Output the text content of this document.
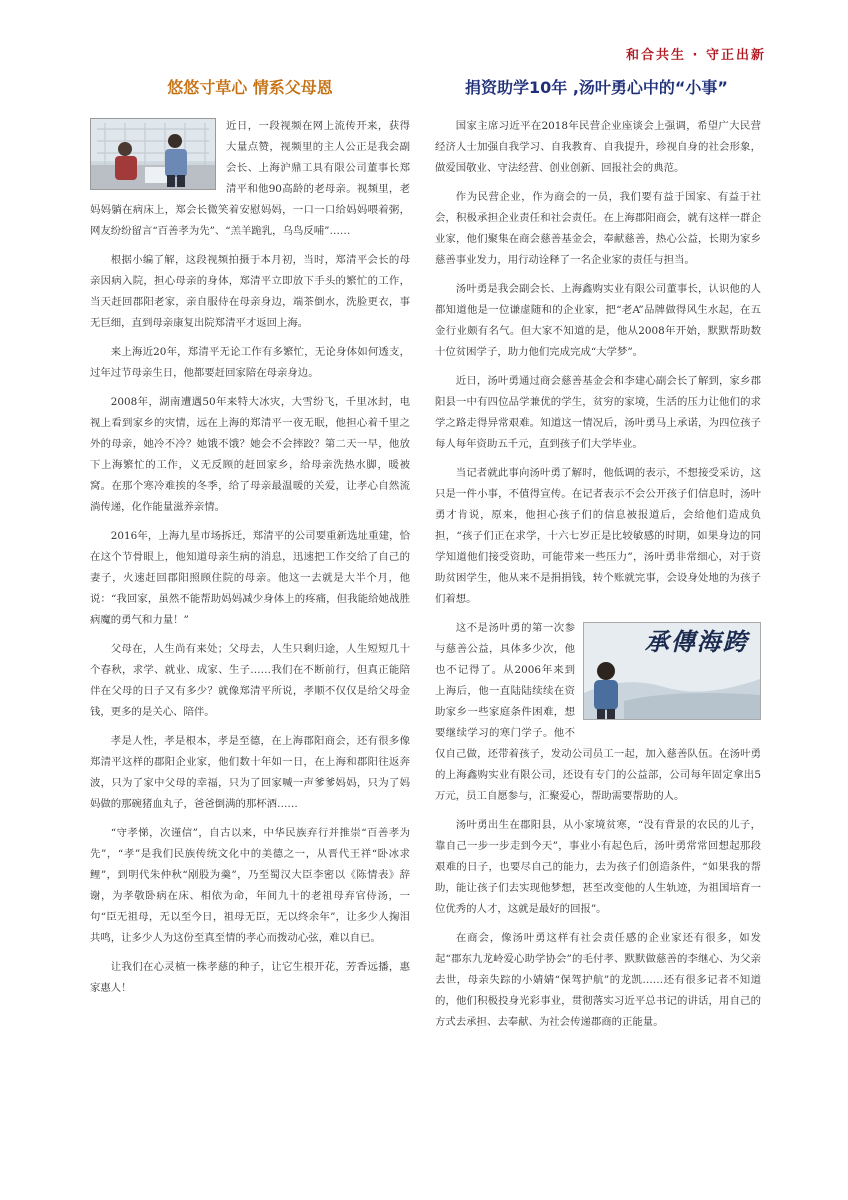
和合共生 · 守正出新
悠悠寸草心 情系父母恩

近日，一段视频在网上流传开来，获得大量点赞，视频里的主人公正是我会副会长、上海沪鼎工具有限公司董事长郑清平和他90高龄的老母亲。视频里，老妈妈躺在病床上，郑会长微笑着安慰妈妈，一口一口给妈妈喂着粥，网友纷纷留言“百善孝为先”、“羔羊跪乳，乌鸟反哺”……

根据小编了解，这段视频拍摄于本月初，当时，郑清平会长的母亲因病入院，担心母亲的身体，郑清平立即放下手头的繁忙的工作，当天赶回郡阳老家，亲自服侍在母亲身边，端茶倒水，洗脸更衣，事无巨细，直到母亲康复出院郑清平才返回上海。

来上海近20年，郑清平无论工作有多繁忙，无论身体如何透支，过年过节母亲生日，他都要赶回家陪在母亲身边。

2008年，湖南遭遇50年来特大冰灾，大雪纷飞，千里冰封，电视上看到家乡的灾情，远在上海的郑清平一夜无眠，他担心着千里之外的母亲，她冷不冷？她饿不饿？她会不会摔跤？第二天一早，他放下上海繁忙的工作，义无反顾的赶回家乡，给母亲洗热水脚，暖被窝。在那个寒冷难挨的冬季，给了母亲最温暖的关爱，让孝心自然流淌传递，化作能量滋养亲情。

2016年，上海九星市场拆迁，郑清平的公司要重新选址重建，恰在这个节骨眼上，他知道母亲生病的消息，迅速把工作交给了自己的妻子，火速赶回郡阳照顾住院的母亲。他这一去就是大半个月，他说：“我回家，虽然不能帮助妈妈减少身体上的疼痛，但我能给她战胜病魔的勇气和力量！”

父母在，人生尚有来处；父母去，人生只剩归途，人生短短几十个春秋，求学、就业、成家、生子……我们在不断前行，但真正能陪伴在父母的日子又有多少？就像郑清平所说，孝顺不仅仅是给父母金钱，更多的是关心、陪伴。

孝是人性，孝是根本，孝是至德，在上海郡阳商会，还有很多像郑清平这样的郡阳企业家，他们数十年如一日，在上海和郡阳往返奔波，只为了家中父母的幸福，只为了回家喊一声爹爹妈妈，只为了妈妈做的那碗猪血丸子，爸爸倒满的那杯酒……

“守孝悌，次谨信”，自古以来，中华民族弃行并推崇“百善孝为先”，“孝”是我们民族传统文化中的美德之一，从晋代王祥“卧冰求鲤”，到明代朱仲秋“剐股为羹”，乃至蜀汉大臣李密以《陈情表》辞谢，为孝敬卧病在床、相依为命，年间九十的老祖母弃官侍汤，一句“臣无祖母，无以至今日，祖母无臣，无以终余年”，让多少人掬泪共鸣，让多少人为这份至真至情的孝心而拨动心弦，难以自已。

让我们在心灵植一株孝慈的种子，让它生根开花，芳香远播，惠家惠人！

捐资助学10年 ,汤叶勇心中的“小事”

国家主席习近平在2018年民营企业座谈会上强调，希望广大民营经济人士加强自我学习、自我教育、自我提升，珍视自身的社会形象，做爱国敬业、守法经营、创业创新、回报社会的典范。

作为民营企业，作为商会的一员，我们要有益于国家、有益于社会，积极承担企业责任和社会责任。在上海郡阳商会，就有这样一群企业家，他们聚集在商会慈善基金会，奉献慈善，热心公益，长期为家乡慈善事业发力，用行动诠释了一名企业家的责任与担当。

汤叶勇是我会副会长、上海鑫购实业有限公司董事长，认识他的人都知道他是一位谦虚随和的企业家，把“老A”品牌做得风生水起，在五金行业颇有名气。但大家不知道的是，他从2008年开始，默默帮助数十位贫困学子，助力他们完成完成“大学梦”。

近日，汤叶勇通过商会慈善基金会和李建心副会长了解到，家乡郡阳县一中有四位品学兼优的学生，贫穷的家境，生活的压力让他们的求学之路走得异常艰难。知道这一情况后，汤叶勇马上承诺，为四位孩子每人每年资助五千元，直到孩子们大学毕业。

当记者就此事向汤叶勇了解时，他低调的表示，不想接受采访，这只是一件小事，不值得宣传。在记者表示不会公开孩子们信息时，汤叶勇才肯说，原来，他担心孩子们的信息被报道后，会给他们造成负担，“孩子们正在求学，十六七岁正是比较敏感的时期，如果身边的同学知道他们接受资助，可能带来一些压力”，汤叶勇非常细心，对于资助贫困学生，他从来不是捐捐钱，转个账就完事，会设身处地的为孩子们着想。

承傳海跨
这不是汤叶勇的第一次参与慈善公益，具体多少次，他也不记得了。从2006年来到上海后，他一直陆陆续续在资助家乡一些家庭条件困难，想要继续学习的寒门学子。他不仅自己做，还带着孩子，发动公司员工一起，加入慈善队伍。在汤叶勇的上海鑫购实业有限公司，还设有专门的公益部，公司每年固定拿出5万元，员工自愿参与，汇聚爱心，帮助需要帮助的人。

汤叶勇出生在郡阳县，从小家境贫寒，“没有背景的农民的儿子，靠自己一步一步走到今天”，事业小有起色后，汤叶勇常常回想起那段艰难的日子，也要尽自己的能力，去为孩子们创造条件，“如果我的帮助，能让孩子们去实现他梦想，甚至改变他的人生轨迹，为祖国培育一位优秀的人才，这就是最好的回报”。

在商会，像汤叶勇这样有社会责任感的企业家还有很多，如发起“郡东九龙岭爱心助学协会”的毛付孝、默默做慈善的李继心、为父亲去世，母亲失踪的小婧婧“保驾护航”的龙凯……还有很多记者不知道的，他们积极投身光彩事业，贯彻落实习近平总书记的讲话，用自己的方式去承担、去奉献、为社会传递郡商的正能量。
